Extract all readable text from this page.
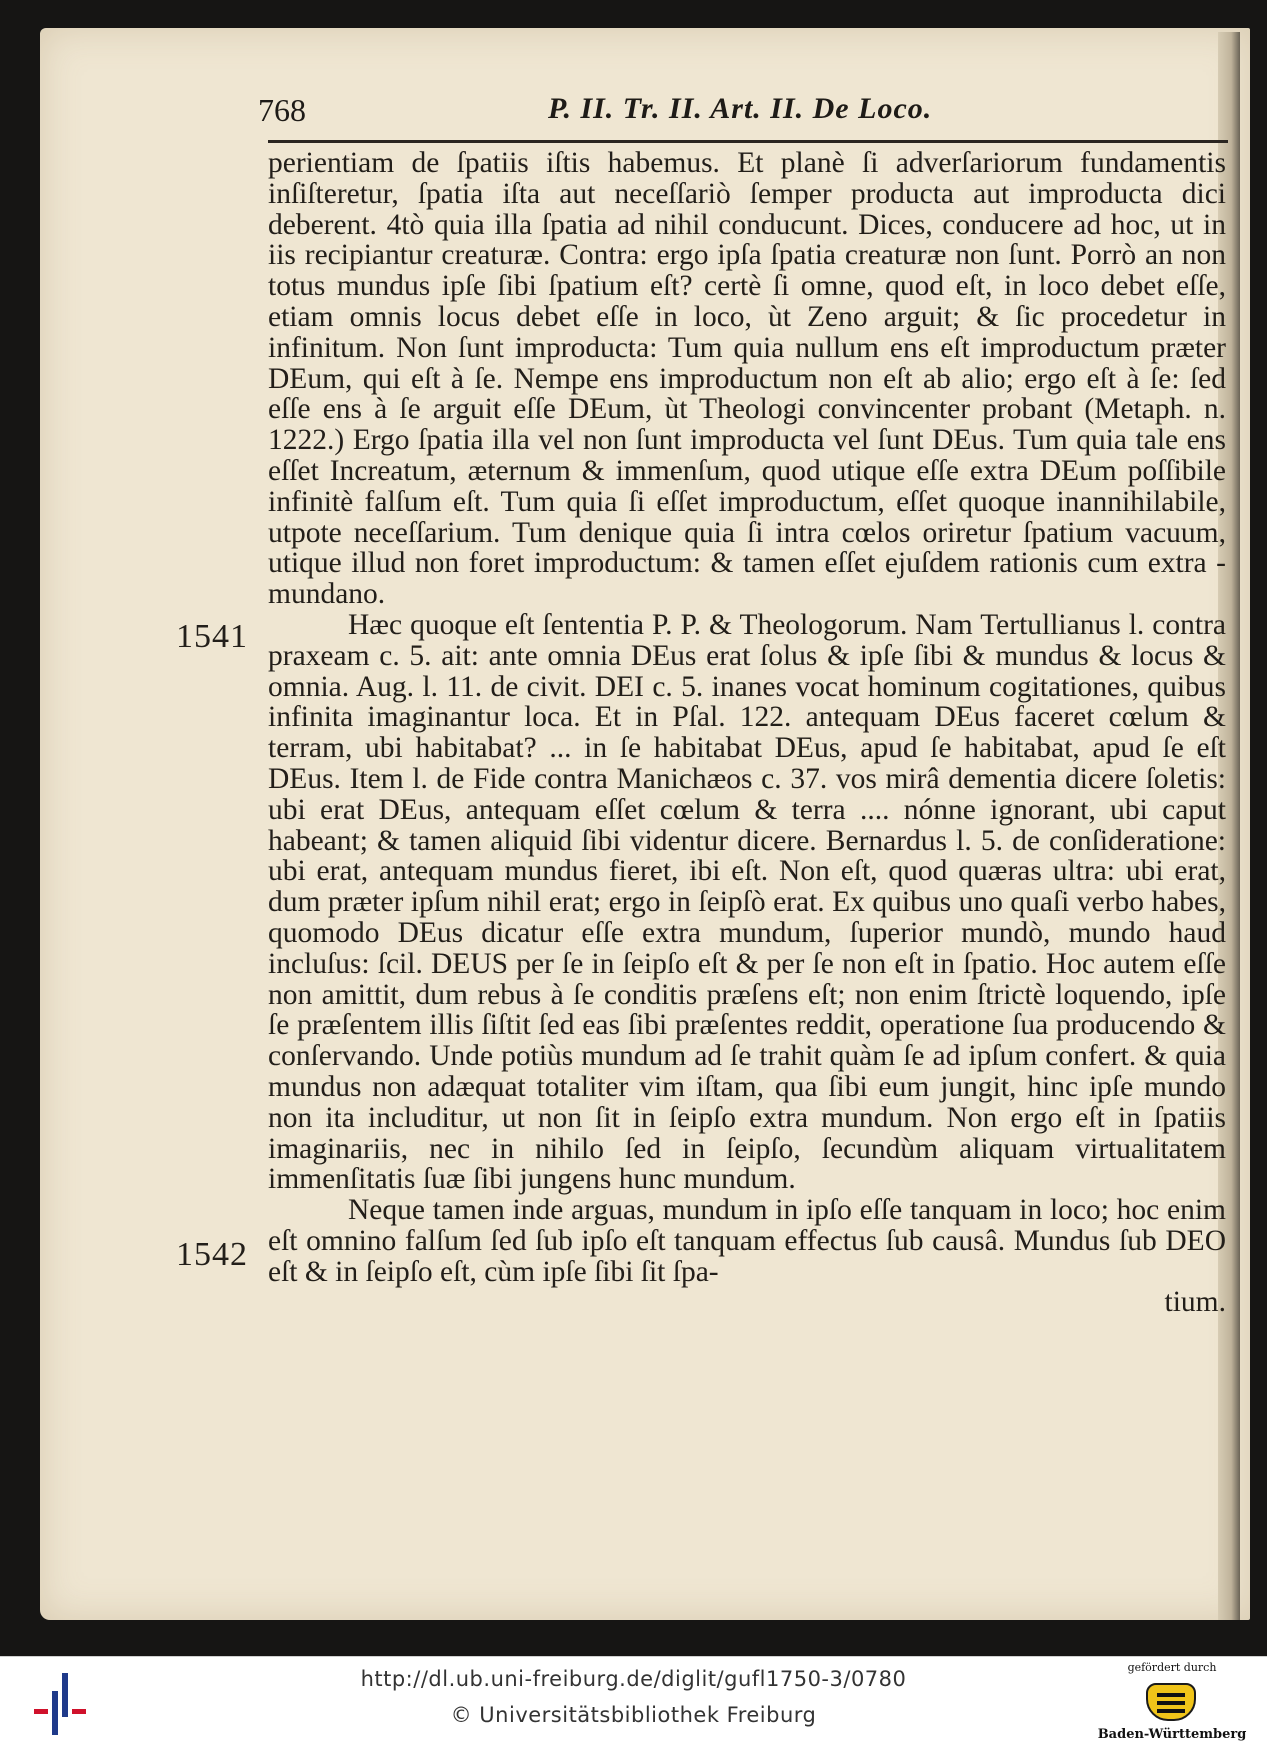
768	P. II. Tr. II. Art. II. De Loco.
1541
1542

perientiam de ſpatiis iſtis habemus. Et planè ſi adverſariorum fundamentis inſiſteretur, ſpatia iſta aut neceſſariò ſemper producta aut improducta dici deberent. 4tò quia illa ſpatia ad nihil conducunt. Dices, conducere ad hoc, ut in iis recipiantur creaturæ. Contra: ergo ipſa ſpatia creaturæ non ſunt. Porrò an non totus mundus ipſe ſibi ſpatium eſt? certè ſi omne, quod eſt, in loco debet eſſe, etiam omnis locus debet eſſe in loco, ùt Zeno arguit; & ſic procedetur in infinitum. Non ſunt improducta: Tum quia nullum ens eſt improductum præter DEum, qui eſt à ſe. Nempe ens improductum non eſt ab alio; ergo eſt à ſe: ſed eſſe ens à ſe arguit eſſe DEum, ùt Theologi convincenter probant (Metaph. n. 1222.) Ergo ſpatia illa vel non ſunt improducta vel ſunt DEus. Tum quia tale ens eſſet Increatum, æternum & immenſum, quod utique eſſe extra DEum poſſibile infinitè falſum eſt. Tum quia ſi eſſet improductum, eſſet quoque inannihilabile, utpote neceſſarium. Tum denique quia ſi intra cœlos oriretur ſpatium vacuum, utique illud non foret improductum: & tamen eſſet ejuſdem rationis cum extra - mundano.

Hæc quoque eſt ſententia P. P. & Theologorum. Nam Tertullianus l. contra praxeam c. 5. ait: ante omnia DEus erat ſolus & ipſe ſibi & mundus & locus & omnia. Aug. l. 11. de civit. DEI c. 5. inanes vocat hominum cogitationes, quibus infinita imaginantur loca. Et in Pſal. 122. antequam DEus faceret cœlum & terram, ubi habitabat? ... in ſe habitabat DEus, apud ſe habitabat, apud ſe eſt DEus. Item l. de Fide contra Manichæos c. 37. vos mirâ dementia dicere ſoletis: ubi erat DEus, antequam eſſet cœlum & terra .... nónne ignorant, ubi caput habeant; & tamen aliquid ſibi videntur dicere. Bernardus l. 5. de conſideratione: ubi erat, antequam mundus fieret, ibi eſt. Non eſt, quod quæras ultra: ubi erat, dum præter ipſum nihil erat; ergo in ſeipſò erat. Ex quibus uno quaſi verbo habes, quomodo DEus dicatur eſſe extra mundum, ſuperior mundò, mundo haud incluſus: ſcil. DEUS per ſe in ſeipſo eſt & per ſe non eſt in ſpatio. Hoc autem eſſe non amittit, dum rebus à ſe conditis præſens eſt; non enim ſtrictè loquendo, ipſe ſe præſentem illis ſiſtit ſed eas ſibi præſentes reddit, operatione ſua producendo & conſervando. Unde potiùs mundum ad ſe trahit quàm ſe ad ipſum confert. & quia mundus non adæquat totaliter vim iſtam, qua ſibi eum jungit, hinc ipſe mundo non ita includitur, ut non ſit in ſeipſo extra mundum. Non ergo eſt in ſpatiis imaginariis, nec in nihilo ſed in ſeipſo, ſecundùm aliquam virtualitatem immenſitatis ſuæ ſibi jungens hunc mundum.

Neque tamen inde arguas, mundum in ipſo eſſe tanquam in loco; hoc enim eſt omnino falſum ſed ſub ipſo eſt tanquam effectus ſub causâ. Mundus ſub DEO eſt & in ſeipſo eſt, cùm ipſe ſibi ſit ſpa-

tium.

http://dl.ub.uni-freiburg.de/diglit/gufl1750-3/0780
© Universitätsbibliothek Freiburg
gefördert durch
Baden-Württemberg
